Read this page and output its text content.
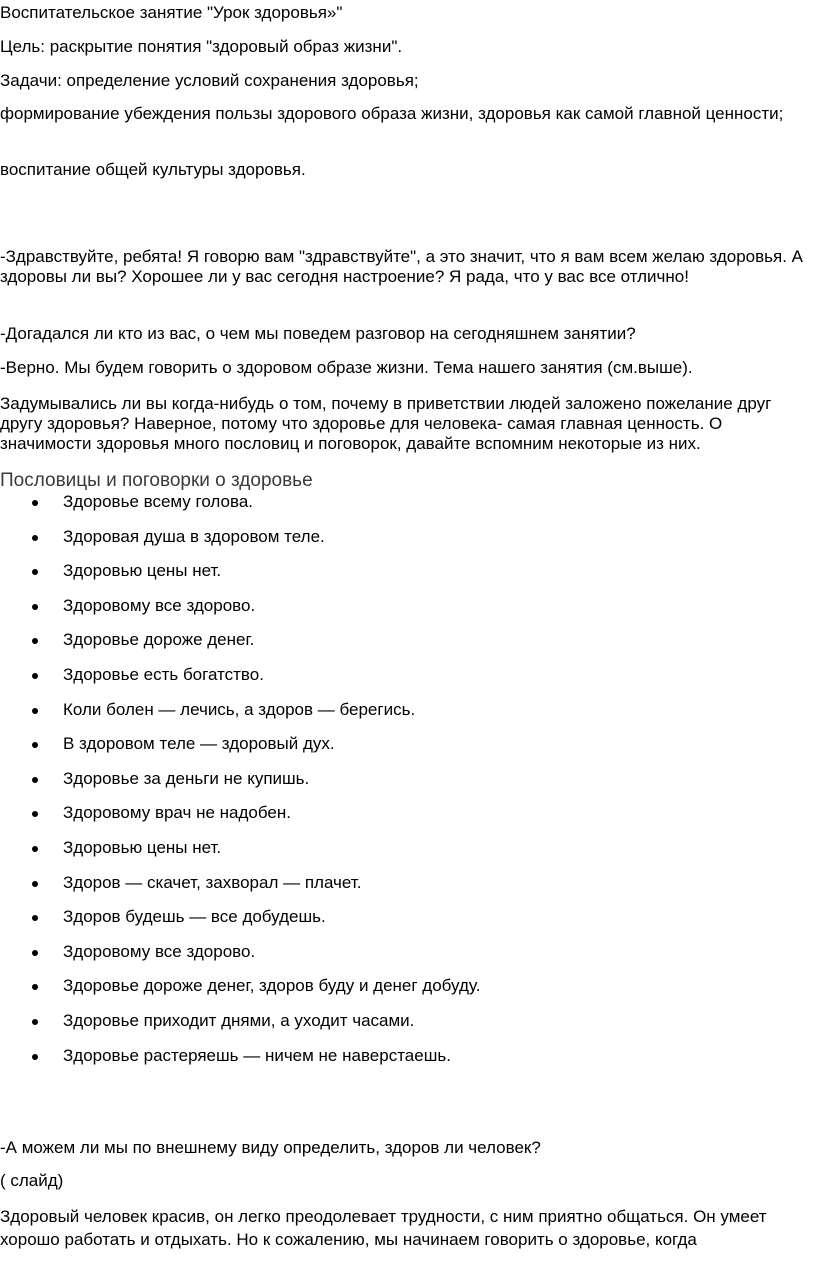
Воспитательское занятие "Урок здоровья»"

Цель: раскрытие понятия "здоровый образ жизни".

Задачи: определение условий сохранения здоровья;

формирование убеждения пользы здорового образа жизни, здоровья как самой главной ценности;

воспитание общей культуры здоровья.

-Здравствуйте, ребята! Я говорю вам "здравствуйте", а это значит, что я вам всем желаю здоровья. А здоровы ли вы? Хорошее ли у вас сегодня настроение? Я рада, что у вас все отлично!

-Догадался ли кто из вас, о чем мы поведем разговор на сегодняшнем занятии?

-Верно. Мы будем говорить о здоровом образе жизни. Тема нашего занятия (см.выше).

Задумывались ли вы когда-нибудь о том, почему в приветствии людей заложено пожелание друг другу здоровья? Наверное, потому что здоровье для человека- самая главная ценность. О значимости здоровья много пословиц и поговорок, давайте вспомним некоторые из них.

Пословицы и поговорки о здоровье
Здоровье всему голова.
Здоровая душа в здоровом теле.
Здоровью цены нет.
Здоровому все здорово.
Здоровье дороже денег.
Здоровье есть богатство.
Коли болен — лечись, а здоров — берегись.
В здоровом теле — здоровый дух.
Здоровье за деньги не купишь.
Здоровому врач не надобен.
Здоровью цены нет.
Здоров — скачет, захворал — плачет.
Здоров будешь — все добудешь.
Здоровому все здорово.
Здоровье дороже денег, здоров буду и денег добуду.
Здоровье приходит днями, а уходит часами.
Здоровье растеряешь — ничем не наверстаешь.

-А можем ли мы по внешнему виду определить, здоров ли человек?

( слайд)

Здоровый человек красив, он легко преодолевает трудности, с ним приятно общаться. Он умеет хорошо работать и отдыхать. Но к сожалению, мы начинаем говорить о здоровье, когда
